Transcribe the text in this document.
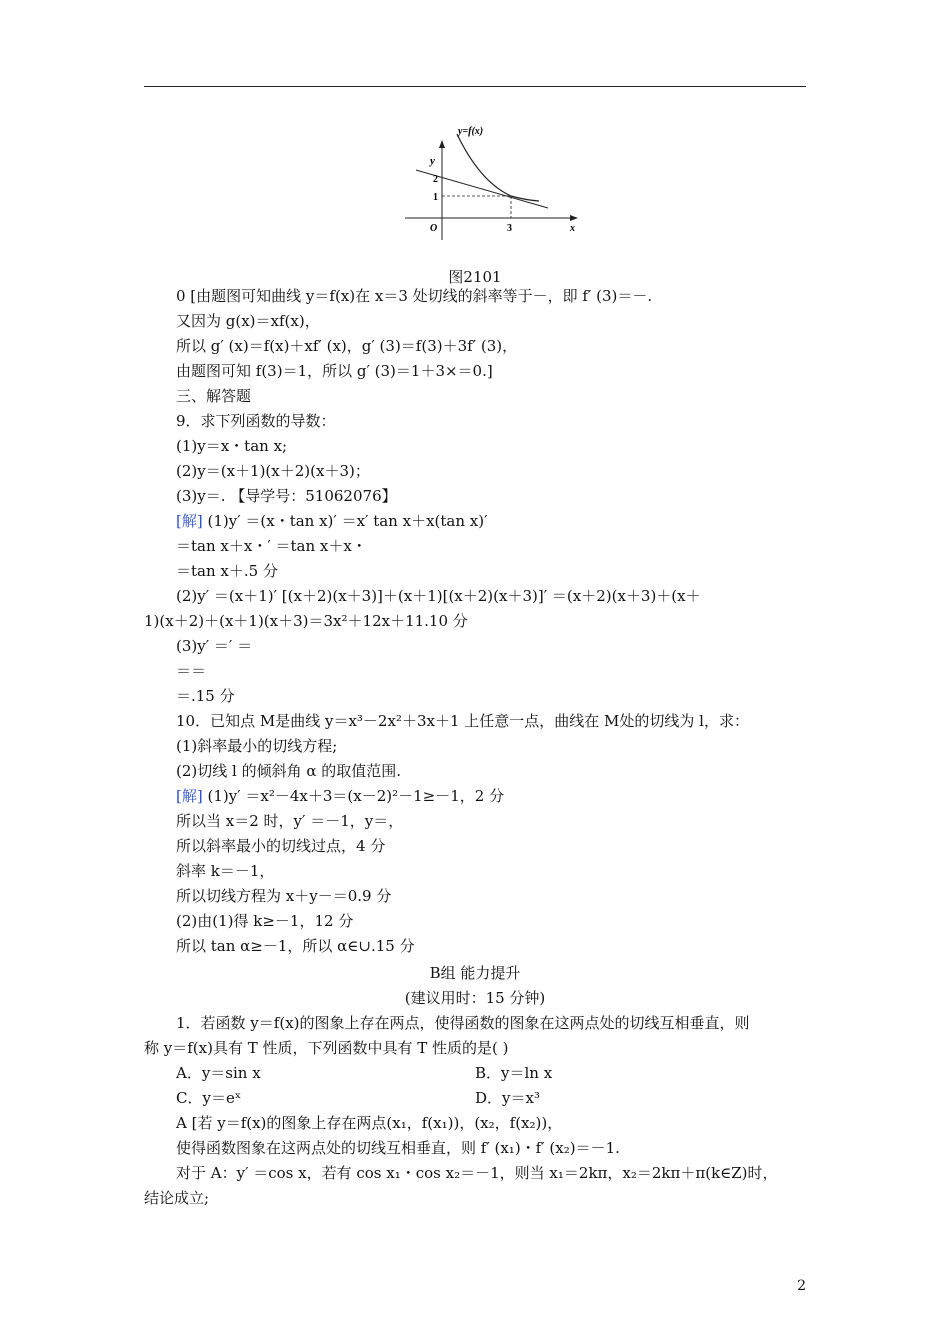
y=f(x)
y
2
1
O	3	x
图2101
0 [由题图可知曲线 y＝f(x)在 x＝3 处切线的斜率等于－，即 f′ (3)＝－.
又因为 g(x)＝xf(x)，
所以 g′ (x)＝f(x)＋xf′ (x)，g′ (3)＝f(3)＋3f′ (3)，
由题图可知 f(3)＝1，所以 g′ (3)＝1＋3×＝0.]
三、解答题
9．求下列函数的导数：
(1)y＝x・tan x;
(2)y＝(x＋1)(x＋2)(x＋3)；
(3)y＝. 【导学号：51062076】
[解] (1)y′ ＝(x・tan x)′ ＝x′ tan x＋x(tan x)′
＝tan x＋x・′ ＝tan x＋x・
＝tan x＋.5 分
(2)y′ ＝(x＋1)′ [(x＋2)(x＋3)]＋(x＋1)[(x＋2)(x＋3)]′ ＝(x＋2)(x＋3)＋(x＋
1)(x＋2)＋(x＋1)(x＋3)＝3x²＋12x＋11.10 分
(3)y′ ＝′ ＝
＝＝
＝.15 分
10．已知点 M是曲线 y＝x³－2x²＋3x＋1 上任意一点，曲线在 M处的切线为 l，求：
(1)斜率最小的切线方程;
(2)切线 l 的倾斜角 α 的取值范围.
[解] (1)y′ ＝x²－4x＋3＝(x－2)²－1≥－1，2 分
所以当 x＝2 时，y′ ＝－1，y＝，
所以斜率最小的切线过点，4 分
斜率 k＝－1，
所以切线方程为 x＋y－＝0.9 分
(2)由(1)得 k≥－1，12 分
所以 tan α≥－1，所以 α∈∪.15 分
B组 能力提升
(建议用时：15 分钟)
1．若函数 y＝f(x)的图象上存在两点，使得函数的图象在这两点处的切线互相垂直，则
称 y＝f(x)具有 T 性质，下列函数中具有 T 性质的是( )
A．y＝sin x	B．y＝ln x
C．y＝eˣ	D．y＝x³
A [若 y＝f(x)的图象上存在两点(x₁，f(x₁))，(x₂，f(x₂))，
使得函数图象在这两点处的切线互相垂直，则 f′ (x₁)・f′ (x₂)＝－1.
对于 A：y′ ＝cos x，若有 cos x₁・cos x₂＝－1，则当 x₁＝2kπ，x₂＝2kπ＋π(k∈Z)时，
结论成立;
2
